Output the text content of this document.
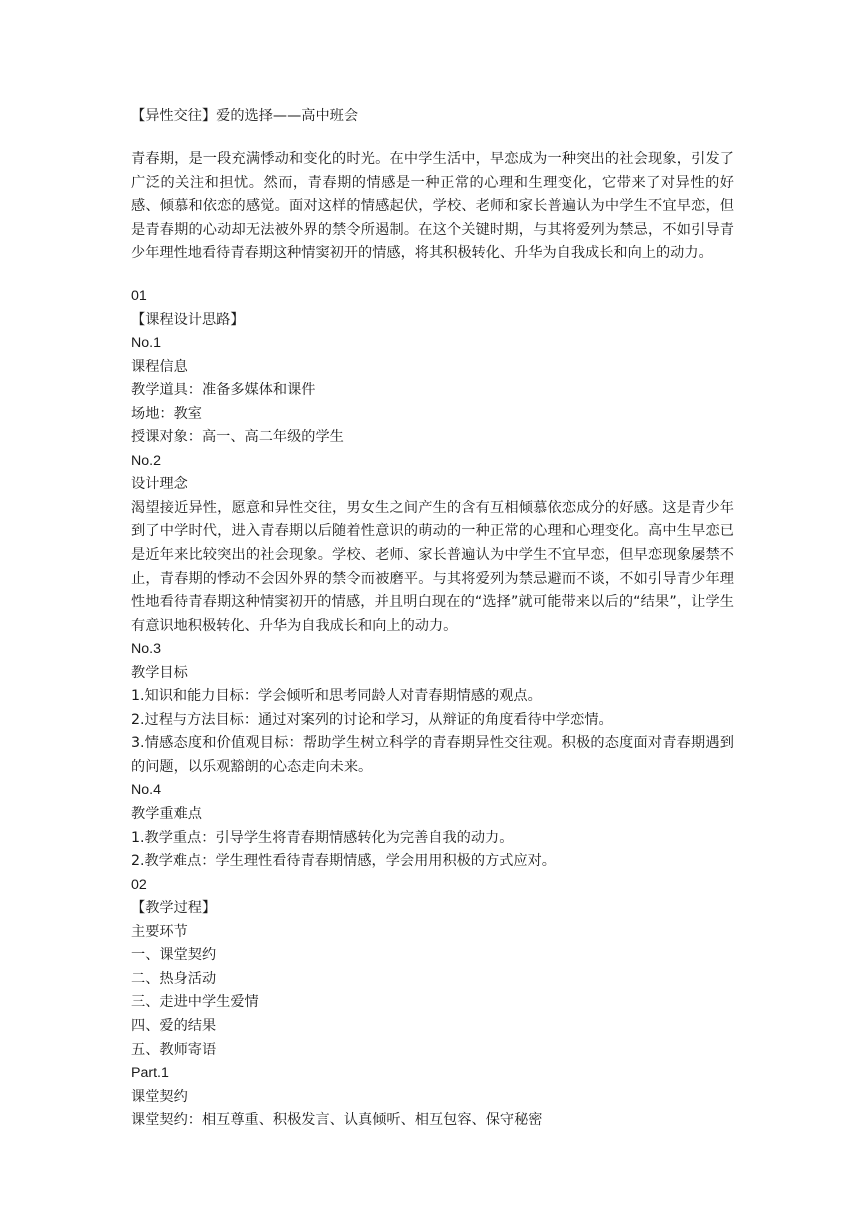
【异性交往】爱的选择——高中班会
青春期，是一段充满悸动和变化的时光。在中学生活中，早恋成为一种突出的社会现象，引发了广泛的关注和担忧。然而，青春期的情感是一种正常的心理和生理变化，它带来了对异性的好感、倾慕和依恋的感觉。面对这样的情感起伏，学校、老师和家长普遍认为中学生不宜早恋，但是青春期的心动却无法被外界的禁令所遏制。在这个关键时期，与其将爱列为禁忌，不如引导青少年理性地看待青春期这种情窦初开的情感，将其积极转化、升华为自我成长和向上的动力。
01
【课程设计思路】
No.1
课程信息
教学道具：准备多媒体和课件
场地：教室
授课对象：高一、高二年级的学生
No.2
设计理念
渴望接近异性，愿意和异性交往，男女生之间产生的含有互相倾慕依恋成分的好感。这是青少年到了中学时代，进入青春期以后随着性意识的萌动的一种正常的心理和心理变化。高中生早恋已是近年来比较突出的社会现象。学校、老师、家长普遍认为中学生不宜早恋，但早恋现象屡禁不止，青春期的悸动不会因外界的禁令而被磨平。与其将爱列为禁忌避而不谈，不如引导青少年理性地看待青春期这种情窦初开的情感，并且明白现在的“选择”就可能带来以后的“结果”，让学生有意识地积极转化、升华为自我成长和向上的动力。
No.3
教学目标
1.知识和能力目标：学会倾听和思考同龄人对青春期情感的观点。
2.过程与方法目标：通过对案列的讨论和学习，从辩证的角度看待中学恋情。
3.情感态度和价值观目标：帮助学生树立科学的青春期异性交往观。积极的态度面对青春期遇到的问题，以乐观豁朗的心态走向未来。
No.4
教学重难点
1.教学重点：引导学生将青春期情感转化为完善自我的动力。
2.教学难点：学生理性看待青春期情感，学会用用积极的方式应对。
02
【教学过程】
主要环节
一、课堂契约
二、热身活动
三、走进中学生爱情
四、爱的结果
五、教师寄语
Part.1
课堂契约
课堂契约：相互尊重、积极发言、认真倾听、相互包容、保守秘密
